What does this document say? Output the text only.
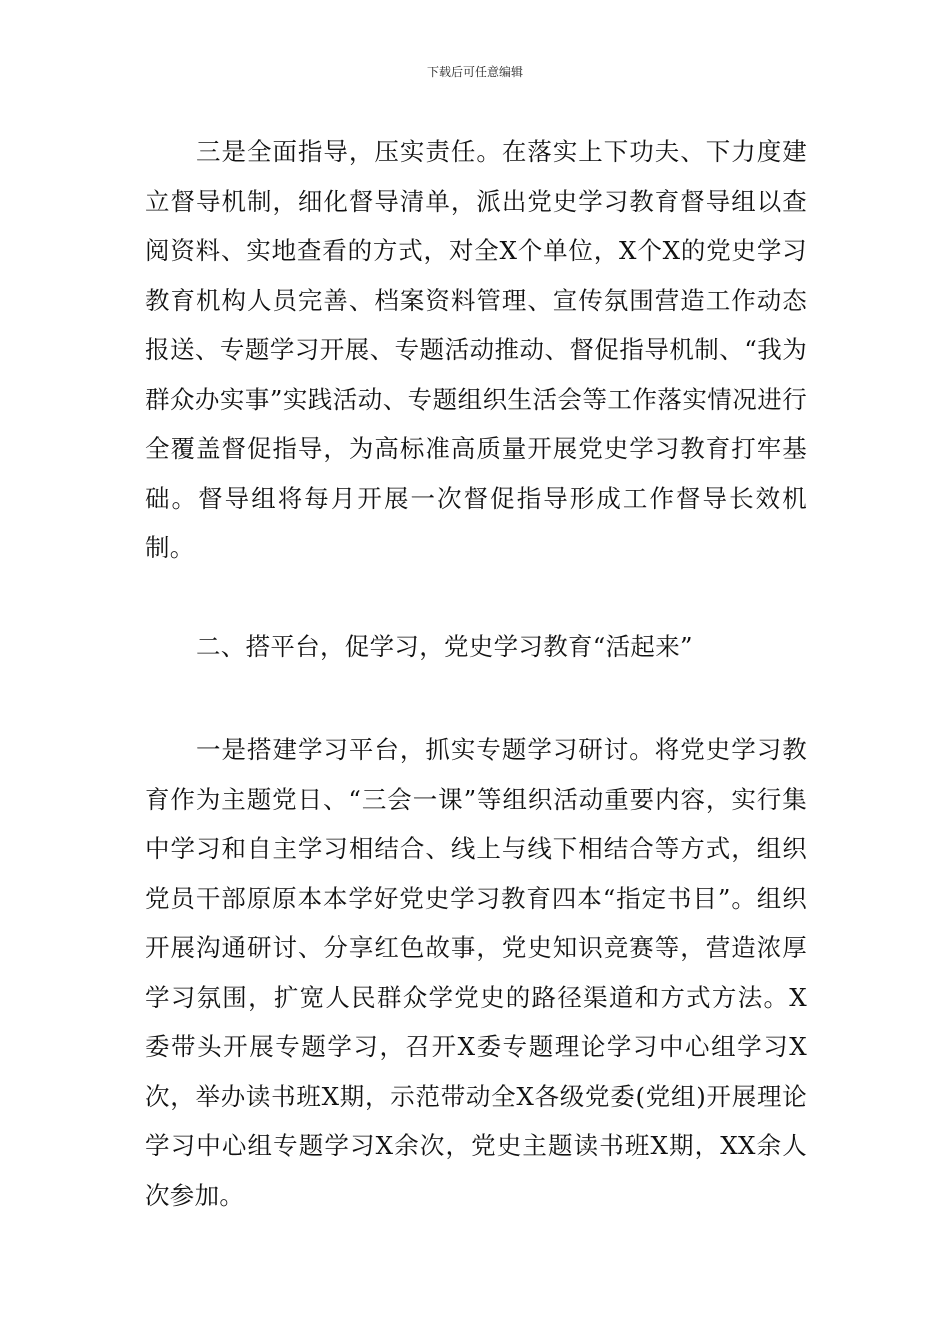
下载后可任意编辑

三是全面指导，压实责任。在落实上下功夫、下力度建立督导机制，细化督导清单，派出党史学习教育督导组以查阅资料、实地查看的方式，对全X个单位，X个X的党史学习教育机构人员完善、档案资料管理、宣传氛围营造工作动态报送、专题学习开展、专题活动推动、督促指导机制、“我为群众办实事”实践活动、专题组织生活会等工作落实情况进行全覆盖督促指导，为高标准高质量开展党史学习教育打牢基础。督导组将每月开展一次督促指导形成工作督导长效机制。

二、搭平台，促学习，党史学习教育“活起来”

一是搭建学习平台，抓实专题学习研讨。将党史学习教育作为主题党日、“三会一课”等组织活动重要内容，实行集中学习和自主学习相结合、线上与线下相结合等方式，组织党员干部原原本本学好党史学习教育四本“指定书目”。组织开展沟通研讨、分享红色故事，党史知识竞赛等，营造浓厚学习氛围，扩宽人民群众学党史的路径渠道和方式方法。X委带头开展专题学习，召开X委专题理论学习中心组学习X次，举办读书班X期，示范带动全X各级党委(党组)开展理论学习中心组专题学习X余次，党史主题读书班X期，XX余人次参加。
